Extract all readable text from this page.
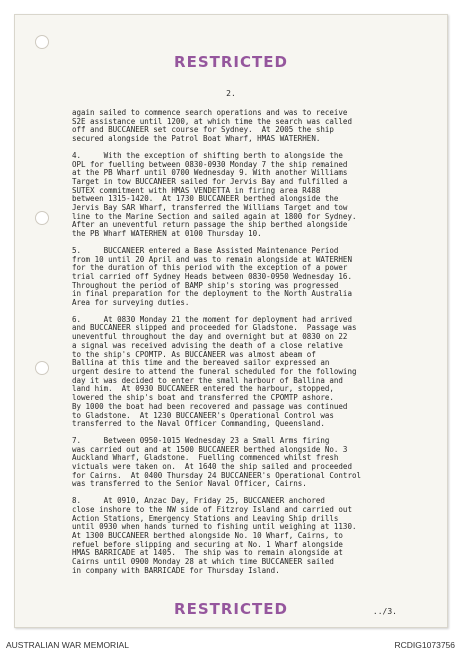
RESTRICTED
2.

again sailed to commence search operations and was to receive
S2E assistance until 1200, at which time the search was called
off and BUCCANEER set course for Sydney.  At 2005 the ship
secured alongside the Patrol Boat Wharf, HMAS WATERHEN.

4.     With the exception of shifting berth to alongside the
OPL for fuelling between 0830-0930 Monday 7 the ship remained
at the PB Wharf until 0700 Wednesday 9. With another Williams
Target in tow BUCCANEER sailed for Jervis Bay and fulfilled a
SUTEX commitment with HMAS VENDETTA in firing area R488
between 1315-1420.  At 1730 BUCCANEER berthed alongside the
Jervis Bay SAR Wharf, transferred the Williams Target and tow
line to the Marine Section and sailed again at 1800 for Sydney.
After an uneventful return passage the ship berthed alongside
the PB Wharf WATERHEN at 0100 Thursday 10.

5.     BUCCANEER entered a Base Assisted Maintenance Period
from 10 until 20 April and was to remain alongside at WATERHEN
for the duration of this period with the exception of a power
trial carried off Sydney Heads between 0830-0950 Wednesday 16.
Throughout the period of BAMP ship's storing was progressed
in final preparation for the deployment to the North Australia
Area for surveying duties.

6.     At 0830 Monday 21 the moment for deployment had arrived
and BUCCANEER slipped and proceeded for Gladstone.  Passage was
uneventful throughout the day and overnight but at 0830 on 22
a signal was received advising the death of a close relative
to the ship's CPOMTP. As BUCCANEER was almost abeam of
Ballina at this time and the bereaved sailor expressed an
urgent desire to attend the funeral scheduled for the following
day it was decided to enter the small harbour of Ballina and
land him.  At 0930 BUCCANEER entered the harbour, stopped,
lowered the ship's boat and transferred the CPOMTP ashore.
By 1000 the boat had been recovered and passage was continued
to Gladstone.  At 1230 BUCCANEER's Operational Control was
transferred to the Naval Officer Commanding, Queensland.

7.     Between 0950-1015 Wednesday 23 a Small Arms firing
was carried out and at 1500 BUCCANEER berthed alongside No. 3
Auckland Wharf, Gladstone.  Fuelling commenced whilst fresh
victuals were taken on.  At 1640 the ship sailed and proceeded
for Cairns.  At 0400 Thursday 24 BUCCANEER's Operational Control
was transferred to the Senior Naval Officer, Cairns.

8.     At 0910, Anzac Day, Friday 25, BUCCANEER anchored
close inshore to the NW side of Fitzroy Island and carried out
Action Stations, Emergency Stations and Leaving Ship drills
until 0930 when hands turned to fishing until weighing at 1130.
At 1300 BUCCANEER berthed alongside No. 10 Wharf, Cairns, to
refuel before slipping and securing at No. 1 Wharf alongside
HMAS BARRICADE at 1405.  The ship was to remain alongside at
Cairns until 0900 Monday 28 at which time BUCCANEER sailed
in company with BARRICADE for Thursday Island.

RESTRICTED	../3.
AUSTRALIAN WAR MEMORIAL	RCDIG1073756
